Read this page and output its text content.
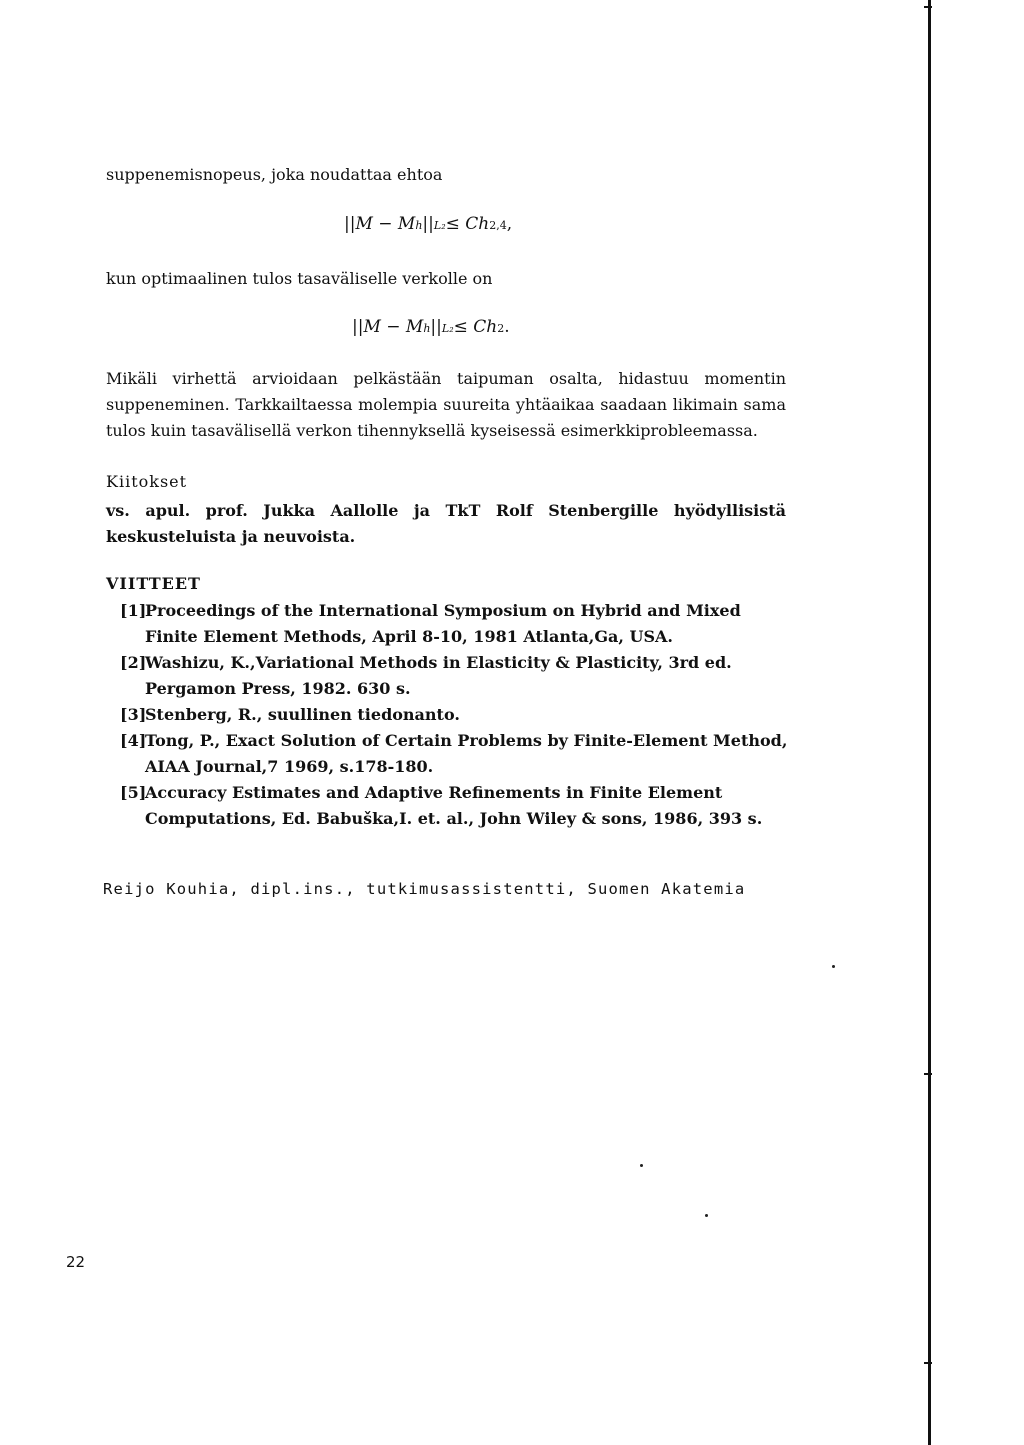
suppenemisnopeus, joka noudattaa ehtoa
||M − M h || L₂ ≤ Ch 2,4 ,
kun optimaalinen tulos tasaväliselle verkolle on
||M − M h || L₂ ≤ Ch 2 .
Mikäli virhettä arvioidaan pelkästään taipuman osalta, hidastuu momentin suppeneminen. Tarkkailtaessa molempia suureita yhtäaikaa saadaan likimain sama tulos kuin tasavälisellä verkon tihennyksellä kyseisessä esimerkkiprobleemassa.
Kiitokset
vs. apul. prof. Jukka Aallolle ja TkT Rolf Stenbergille hyödyllisistä keskusteluista ja neuvoista.
VIITTEET
[1]
Proceedings of the International Symposium on Hybrid and Mixed Finite Element Methods, April 8-10, 1981 Atlanta,Ga, USA.
[2]
Washizu, K.,Variational Methods in Elasticity & Plasticity, 3rd ed. Pergamon Press, 1982. 630 s.
[3]
Stenberg, R., suullinen tiedonanto.
[4]
Tong, P., Exact Solution of Certain Problems by Finite-Element Method, AIAA Journal,7 1969, s.178-180.
[5]
Accuracy Estimates and Adaptive Refinements in Finite Element Computations, Ed. Babuška,I. et. al., John Wiley & sons, 1986, 393 s.
Reijo Kouhia, dipl.ins., tutkimusassistentti, Suomen Akatemia
22
